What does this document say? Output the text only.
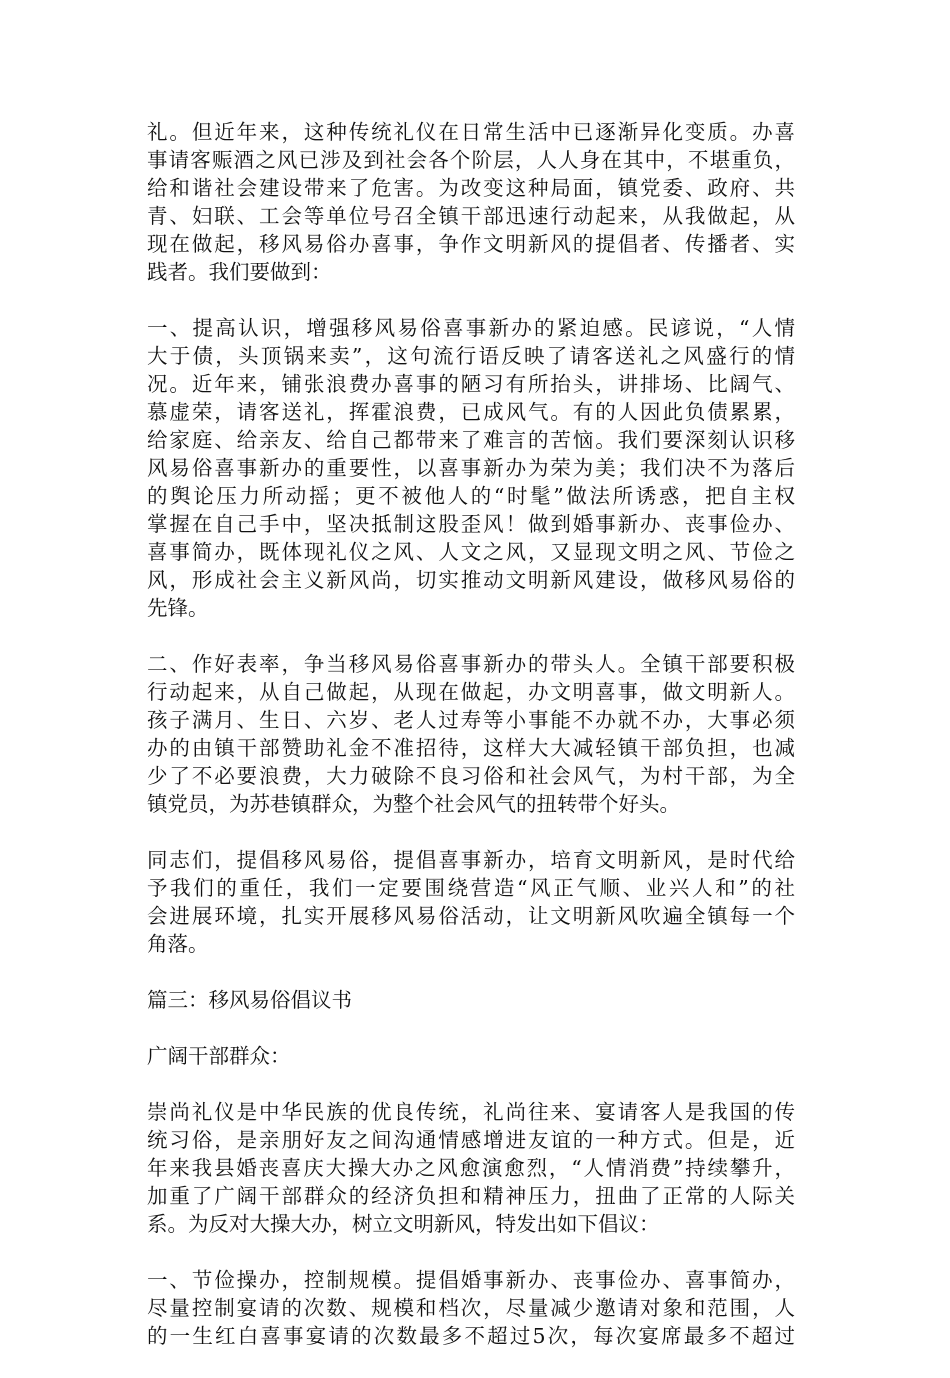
礼。但近年来，这种传统礼仪在日常生活中已逐渐异化变质。办喜
事请客赈酒之风已涉及到社会各个阶层，人人身在其中，不堪重负，
给和谐社会建设带来了危害。为改变这种局面，镇党委、政府、共
青、妇联、工会等单位号召全镇干部迅速行动起来，从我做起，从
现在做起，移风易俗办喜事，争作文明新风的提倡者、传播者、实
践者。我们要做到：
一、提高认识，增强移风易俗喜事新办的紧迫感。民谚说，“人情
大于债，头顶锅来卖”，这句流行语反映了请客送礼之风盛行的情
况。近年来，铺张浪费办喜事的陋习有所抬头，讲排场、比阔气、
慕虚荣，请客送礼，挥霍浪费，已成风气。有的人因此负债累累，
给家庭、给亲友、给自己都带来了难言的苦恼。我们要深刻认识移
风易俗喜事新办的重要性，以喜事新办为荣为美；我们决不为落后
的舆论压力所动摇；更不被他人的“时髦”做法所诱惑，把自主权
掌握在自己手中，坚决抵制这股歪风！做到婚事新办、丧事俭办、
喜事简办，既体现礼仪之风、人文之风，又显现文明之风、节俭之
风，形成社会主义新风尚，切实推动文明新风建设，做移风易俗的
先锋。
二、作好表率，争当移风易俗喜事新办的带头人。全镇干部要积极
行动起来，从自己做起，从现在做起，办文明喜事，做文明新人。
孩子满月、生日、六岁、老人过寿等小事能不办就不办，大事必须
办的由镇干部赞助礼金不准招待，这样大大减轻镇干部负担，也减
少了不必要浪费，大力破除不良习俗和社会风气，为村干部，为全
镇党员，为苏巷镇群众，为整个社会风气的扭转带个好头。
同志们，提倡移风易俗，提倡喜事新办，培育文明新风，是时代给
予我们的重任，我们一定要围绕营造“风正气顺、业兴人和”的社
会进展环境，扎实开展移风易俗活动，让文明新风吹遍全镇每一个
角落。
篇三：移风易俗倡议书
广阔干部群众：
崇尚礼仪是中华民族的优良传统，礼尚往来、宴请客人是我国的传
统习俗，是亲朋好友之间沟通情感增进友谊的一种方式。但是，近
年来我县婚丧喜庆大操大办之风愈演愈烈，“人情消费”持续攀升，
加重了广阔干部群众的经济负担和精神压力，扭曲了正常的人际关
系。为反对大操大办，树立文明新风，特发出如下倡议：
一、节俭操办，控制规模。提倡婚事新办、丧事俭办、喜事简办，
尽量控制宴请的次数、规模和档次，尽量减少邀请对象和范围，人
的一生红白喜事宴请的次数最多不超过5次，每次宴席最多不超过
